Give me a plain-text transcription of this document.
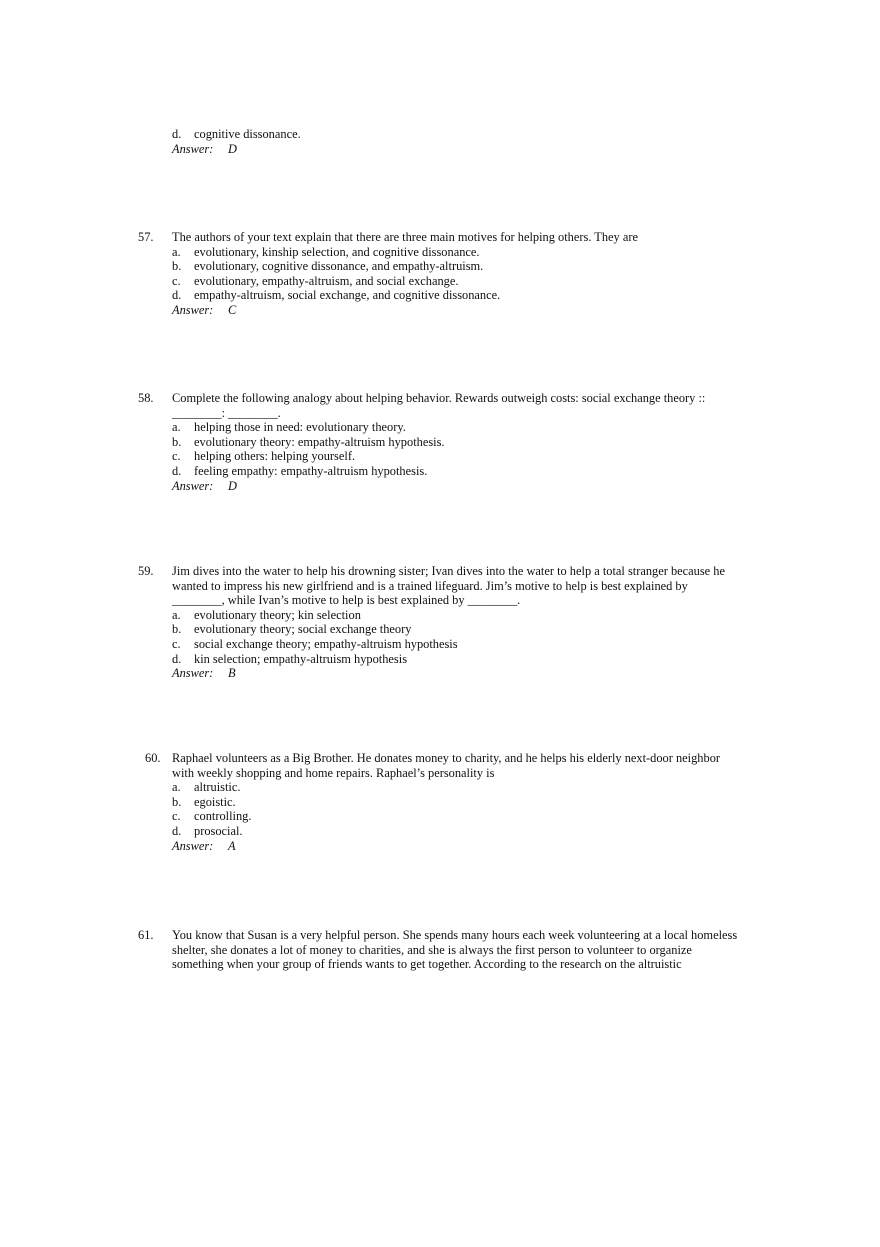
d.	cognitive dissonance.
Answer:	D
57. The authors of your text explain that there are three main motives for helping others. They are
a.	evolutionary, kinship selection, and cognitive dissonance.
b.	evolutionary, cognitive dissonance, and empathy-altruism.
c.	evolutionary, empathy-altruism, and social exchange.
d.	empathy-altruism, social exchange, and cognitive dissonance.
Answer:	C
58. Complete the following analogy about helping behavior. Rewards outweigh costs: social exchange theory :: ________: ________.
a.	helping those in need: evolutionary theory.
b.	evolutionary theory: empathy-altruism hypothesis.
c.	helping others: helping yourself.
d.	feeling empathy: empathy-altruism hypothesis.
Answer:	D
59. Jim dives into the water to help his drowning sister; Ivan dives into the water to help a total stranger because he wanted to impress his new girlfriend and is a trained lifeguard. Jim’s motive to help is best explained by ________, while Ivan’s motive to help is best explained by ________.
a.	evolutionary theory; kin selection
b.	evolutionary theory; social exchange theory
c.	social exchange theory; empathy-altruism hypothesis
d.	kin selection; empathy-altruism hypothesis
Answer:	B
60. Raphael volunteers as a Big Brother. He donates money to charity, and he helps his elderly next-door neighbor with weekly shopping and home repairs. Raphael’s personality is
a.	altruistic.
b.	egoistic.
c.	controlling.
d.	prosocial.
Answer:	A
61. You know that Susan is a very helpful person. She spends many hours each week volunteering at a local homeless shelter, she donates a lot of money to charities, and she is always the first person to volunteer to organize something when your group of friends wants to get together. According to the research on the altruistic
